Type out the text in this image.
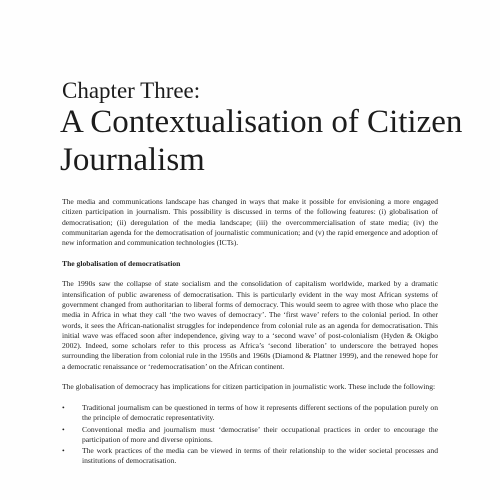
Chapter Three:
A Contextualisation of Citizen Journalism

The media and communications landscape has changed in ways that make it possible for envisioning a more engaged citizen participation in journalism. This possibility is discussed in terms of the following features: (i) globalisation of democratisation; (ii) deregulation of the media landscape; (iii) the overcommercialisation of state media; (iv) the communitarian agenda for the democratisation of journalistic communication; and (v) the rapid emergence and adoption of new information and communication technologies (ICTs).

The globalisation of democratisation

The 1990s saw the collapse of state socialism and the consolidation of capitalism worldwide, marked by a dramatic intensification of public awareness of democratisation. This is particularly evident in the way most African systems of government changed from authoritarian to liberal forms of democracy. This would seem to agree with those who place the media in Africa in what they call ‘the two waves of democracy’. The ‘first wave’ refers to the colonial period. In other words, it sees the African-nationalist struggles for independence from colonial rule as an agenda for democratisation. This initial wave was effaced soon after independence, giving way to a ‘second wave’ of post-colonialism (Hyden & Okigbo 2002). Indeed, some scholars refer to this process as Africa’s ‘second liberation’ to underscore the betrayed hopes surrounding the liberation from colonial rule in the 1950s and 1960s (Diamond & Plattner 1999), and the renewed hope for a democratic renaissance or ‘redemocratisation’ on the African continent.

The globalisation of democracy has implications for citizen participation in journalistic work. These include the following:

• Traditional journalism can be questioned in terms of how it represents different sections of the population purely on the principle of democratic representativity.
• Conventional media and journalism must ‘democratise’ their occupational practices in order to encourage the participation of more and diverse opinions.
• The work practices of the media can be viewed in terms of their relationship to the wider societal processes and institutions of democratisation.
